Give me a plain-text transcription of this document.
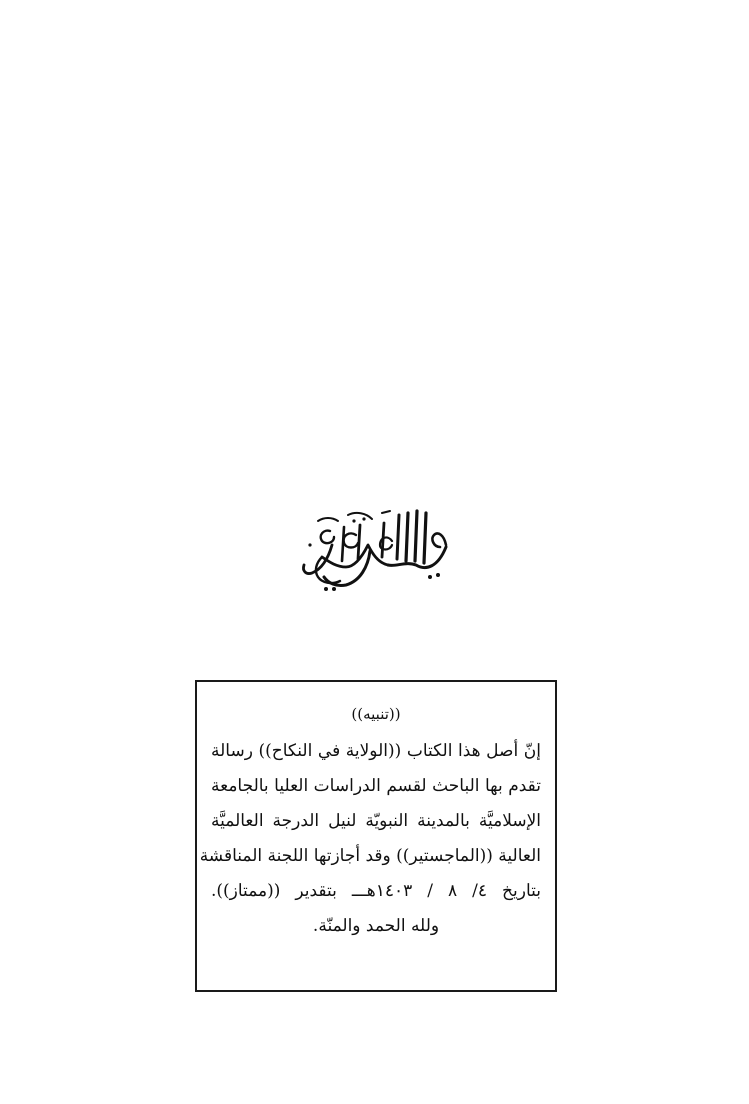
((تنبيه))
إنّ أصل هذا الكتاب ((الولاية في النكاح)) رسالة
تقدم بها الباحث لقسم الدراسات العليا بالجامعة
الإسلاميَّة بالمدينة النبويّة لنيل الدرجة العالميَّة
العالية ((الماجستير)) وقد أجازتها اللجنة المناقشة
بتاريخ ٤/ ٨ / ١٤٠٣هـــ بتقدير ((ممتاز)).
ولله الحمد والمنّة.
